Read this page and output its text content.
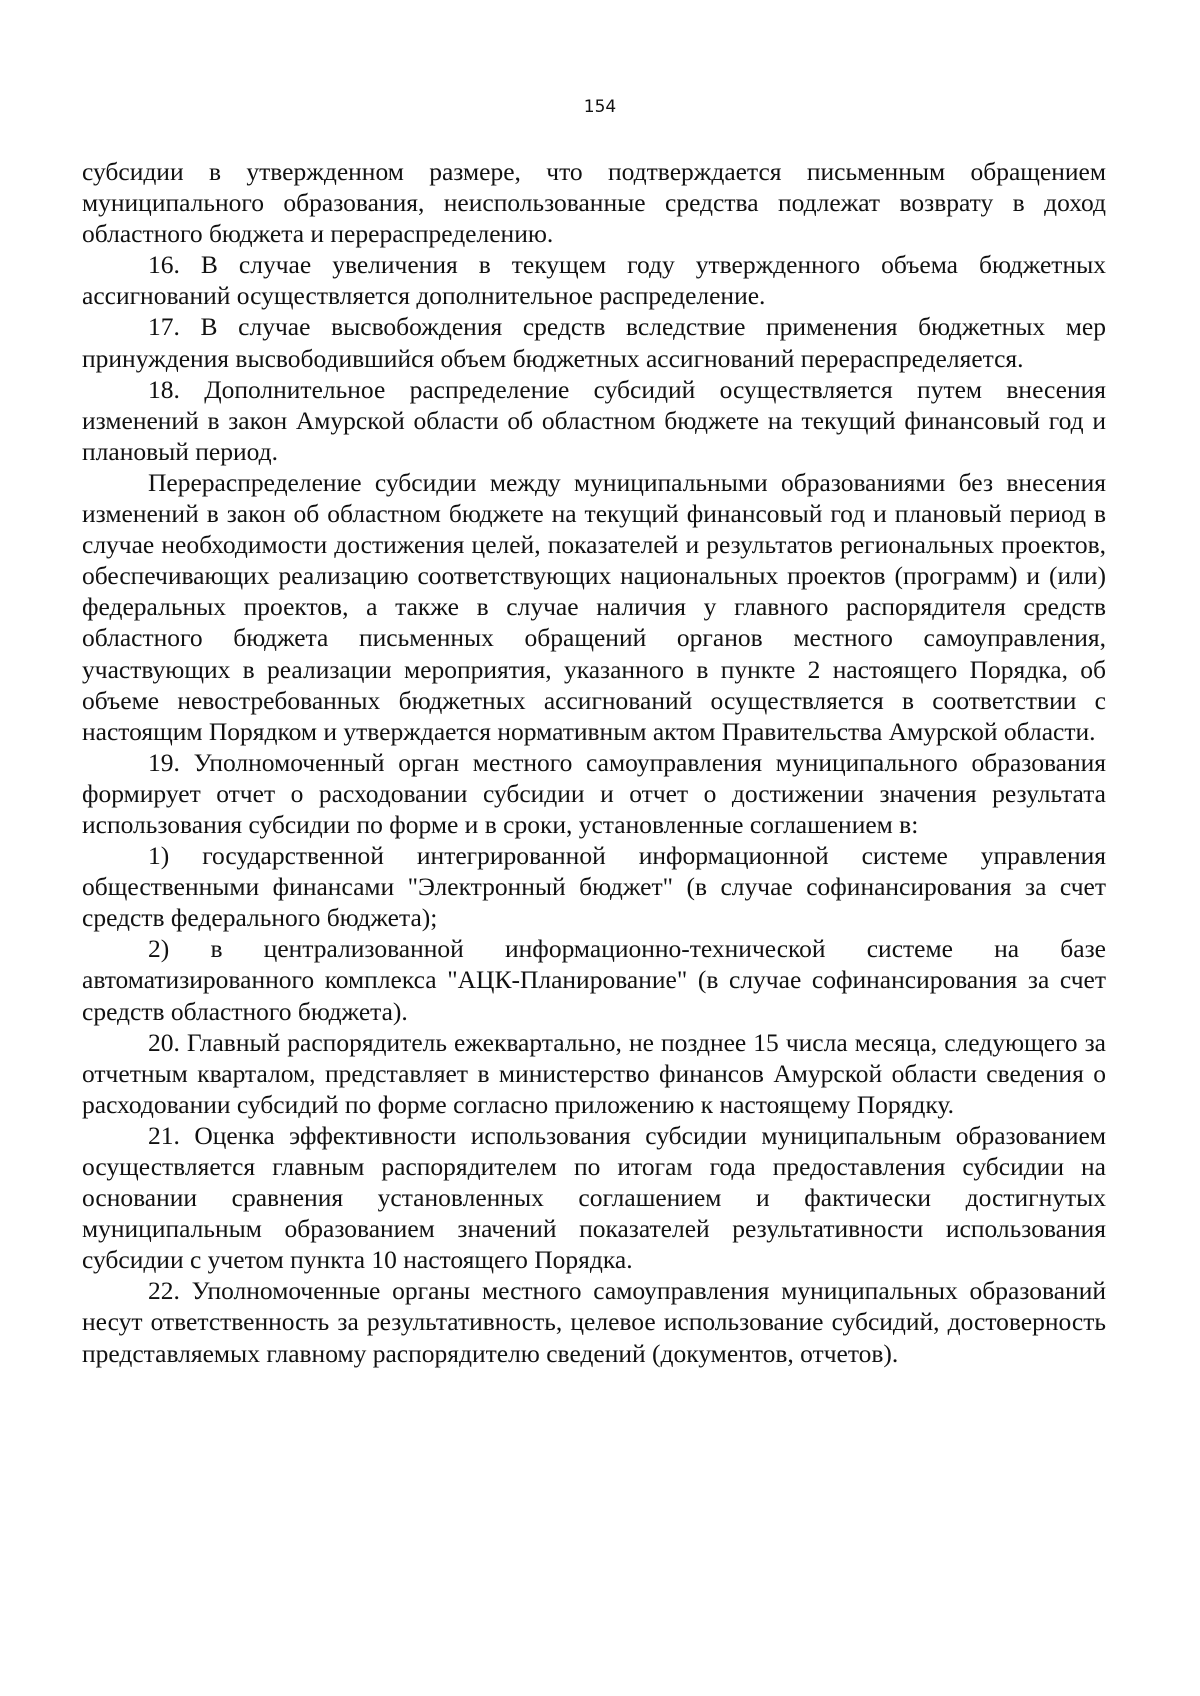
154

субсидии в утвержденном размере, что подтверждается письменным обращением муниципального образования, неиспользованные средства подлежат возврату в доход областного бюджета и перераспределению.

16. В случае увеличения в текущем году утвержденного объема бюджетных ассигнований осуществляется дополнительное распределение.

17. В случае высвобождения средств вследствие применения бюджетных мер принуждения высвободившийся объем бюджетных ассигнований перераспределяется.

18. Дополнительное распределение субсидий осуществляется путем внесения изменений в закон Амурской области об областном бюджете на текущий финансовый год и плановый период.

Перераспределение субсидии между муниципальными образованиями без внесения изменений в закон об областном бюджете на текущий финансовый год и плановый период в случае необходимости достижения целей, показателей и результатов региональных проектов, обеспечивающих реализацию соответствующих национальных проектов (программ) и (или) федеральных проектов, а также в случае наличия у главного распорядителя средств областного бюджета письменных обращений органов местного самоуправления, участвующих в реализации мероприятия, указанного в пункте 2 настоящего Порядка, об объеме невостребованных бюджетных ассигнований осуществляется в соответствии с настоящим Порядком и утверждается нормативным актом Правительства Амурской области.

19. Уполномоченный орган местного самоуправления муниципального образования формирует отчет о расходовании субсидии и отчет о достижении значения результата использования субсидии по форме и в сроки, установленные соглашением в:

1) государственной интегрированной информационной системе управления общественными финансами "Электронный бюджет" (в случае софинансирования за счет средств федерального бюджета);

2) в централизованной информационно-технической системе на базе автоматизированного комплекса "АЦК-Планирование" (в случае софинансирования за счет средств областного бюджета).

20. Главный распорядитель ежеквартально, не позднее 15 числа месяца, следующего за отчетным кварталом, представляет в министерство финансов Амурской области сведения о расходовании субсидий по форме согласно приложению к настоящему Порядку.

21. Оценка эффективности использования субсидии муниципальным образованием осуществляется главным распорядителем по итогам года предоставления субсидии на основании сравнения установленных соглашением и фактически достигнутых муниципальным образованием значений показателей результативности использования субсидии с учетом пункта 10 настоящего Порядка.

22. Уполномоченные органы местного самоуправления муниципальных образований несут ответственность за результативность, целевое использование субсидий, достоверность представляемых главному распорядителю сведений (документов, отчетов).
